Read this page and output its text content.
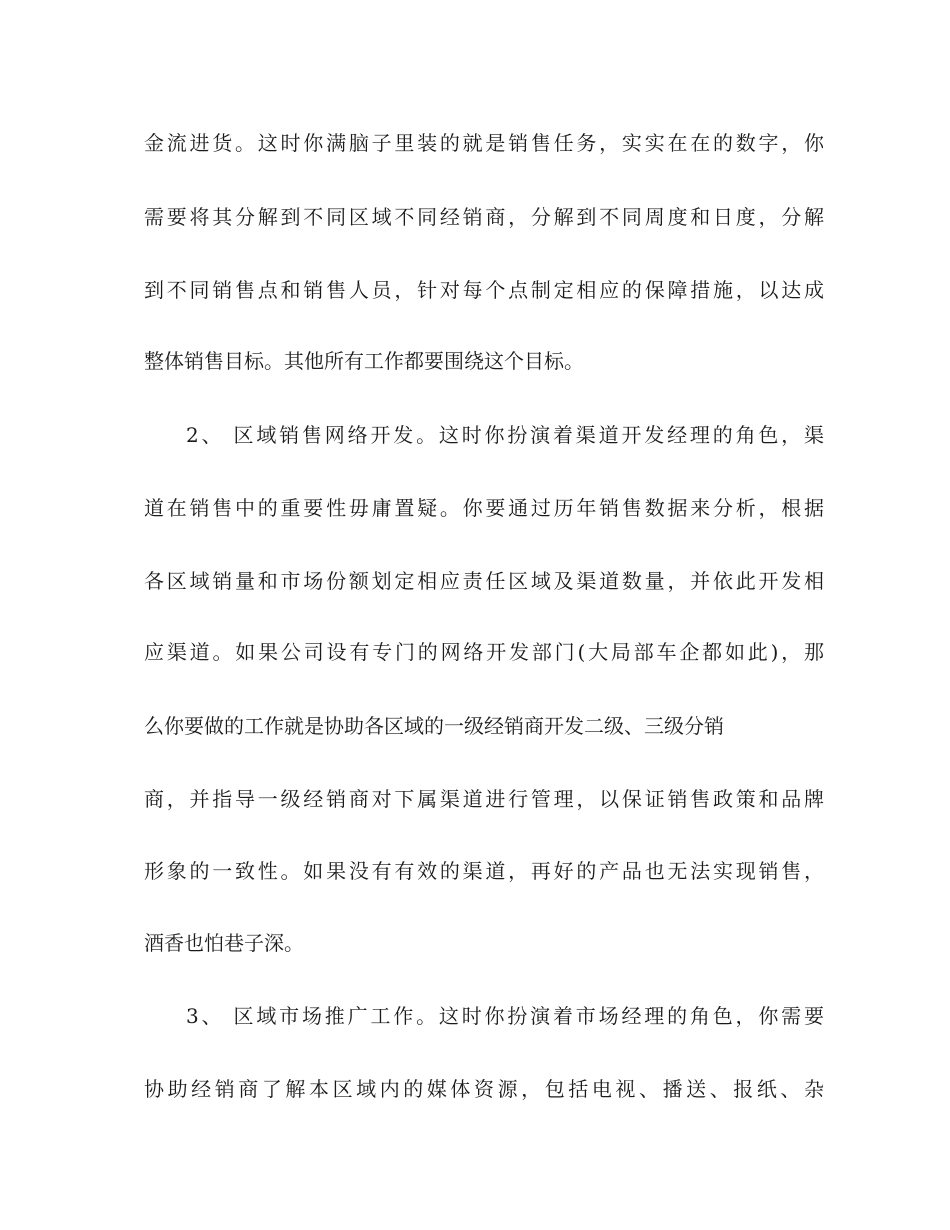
金流进货。这时你满脑子里装的就是销售任务，实实在在的数字，你
需要将其分解到不同区域不同经销商，分解到不同周度和日度，分解
到不同销售点和销售人员，针对每个点制定相应的保障措施，以达成
整体销售目标。其他所有工作都要围绕这个目标。
2、 区域销售网络开发。这时你扮演着渠道开发经理的角色，渠
道在销售中的重要性毋庸置疑。你要通过历年销售数据来分析，根据
各区域销量和市场份额划定相应责任区域及渠道数量，并依此开发相
应渠道。如果公司设有专门的网络开发部门(大局部车企都如此)，那
么你要做的工作就是协助各区域的一级经销商开发二级、三级分销
商，并指导一级经销商对下属渠道进行管理，以保证销售政策和品牌
形象的一致性。如果没有有效的渠道，再好的产品也无法实现销售，
酒香也怕巷子深。
3、 区域市场推广工作。这时你扮演着市场经理的角色，你需要
协助经销商了解本区域内的媒体资源，包括电视、播送、报纸、杂
